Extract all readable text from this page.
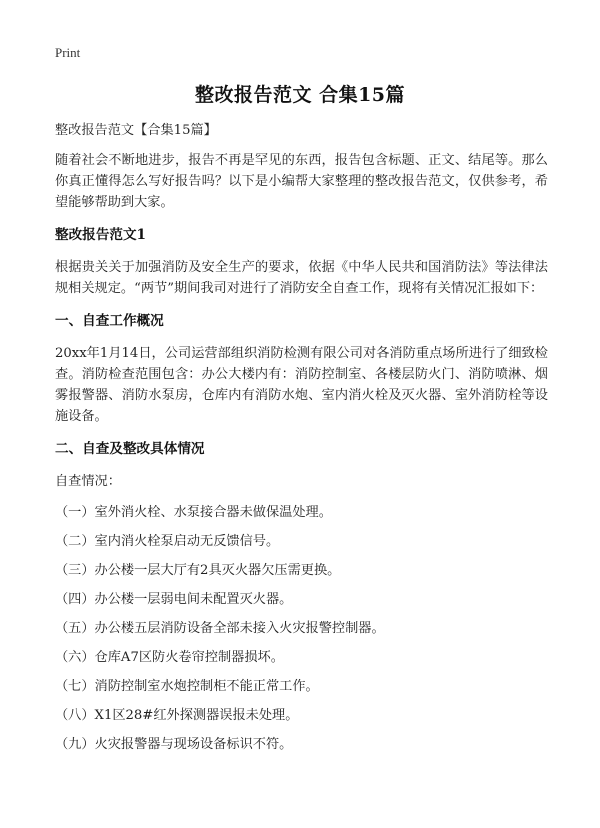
Print
整改报告范文 合集15篇

整改报告范文【合集15篇】

随着社会不断地进步，报告不再是罕见的东西，报告包含标题、正文、结尾等。那么你真正懂得怎么写好报告吗？以下是小编帮大家整理的整改报告范文，仅供参考，希望能够帮助到大家。

整改报告范文1

根据贵关关于加强消防及安全生产的要求，依据《中华人民共和国消防法》等法律法规相关规定。“两节”期间我司对进行了消防安全自查工作，现将有关情况汇报如下：

一、自查工作概况

20xx年1月14日，公司运营部组织消防检测有限公司对各消防重点场所进行了细致检查。消防检查范围包含：办公大楼内有：消防控制室、各楼层防火门、消防喷淋、烟雾报警器、消防水泵房，仓库内有消防水炮、室内消火栓及灭火器、室外消防栓等设施设备。

二、自查及整改具体情况

自查情况：

（一）室外消火栓、水泵接合器未做保温处理。
（二）室内消火栓泵启动无反馈信号。
（三）办公楼一层大厅有2具灭火器欠压需更换。
（四）办公楼一层弱电间未配置灭火器。
（五）办公楼五层消防设备全部未接入火灾报警控制器。
（六）仓库A7区防火卷帘控制器损坏。
（七）消防控制室水炮控制柜不能正常工作。
（八）X1区28#红外探测器误报未处理。
（九）火灾报警器与现场设备标识不符。
